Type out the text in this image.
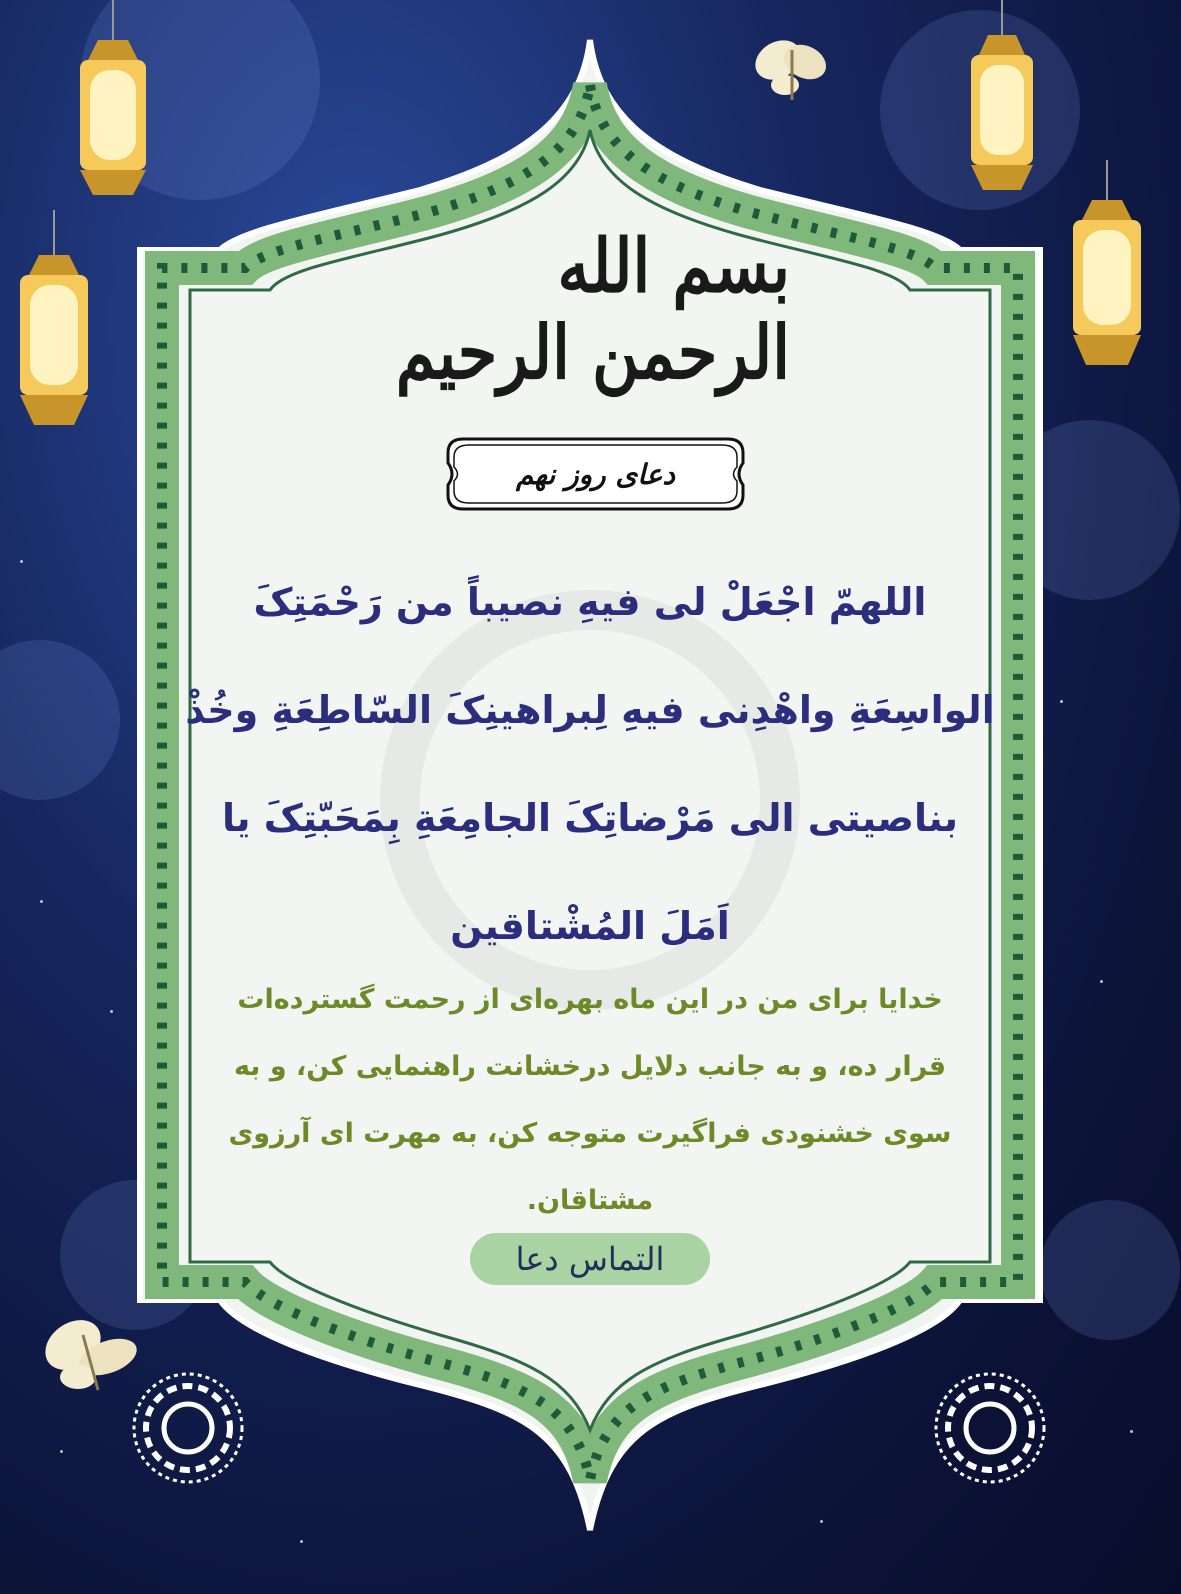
بسم الله الرحمن الرحیم
دعای روز نهم
اللهمّ اجْعَلْ لی فیهِ نصیباً من رَحْمَتِکَ
الواسِعَةِ واهْدِنی فیهِ لِبراهینِکَ السّاطِعَةِ وخُذْ
بناصیتی الی مَرْضاتِکَ الجامِعَةِ بِمَحَبّتِکَ یا
اَمَلَ المُشْتاقین
خدایا برای من در این ماه بهره‌ای از رحمت گسترده‌ات
قرار ده، و به جانب دلایل درخشانت راهنمایی کن، و به
سوی خشنودی فراگیرت متوجه کن، به مهرت ای آرزوی
مشتاقان.
التماس دعا
